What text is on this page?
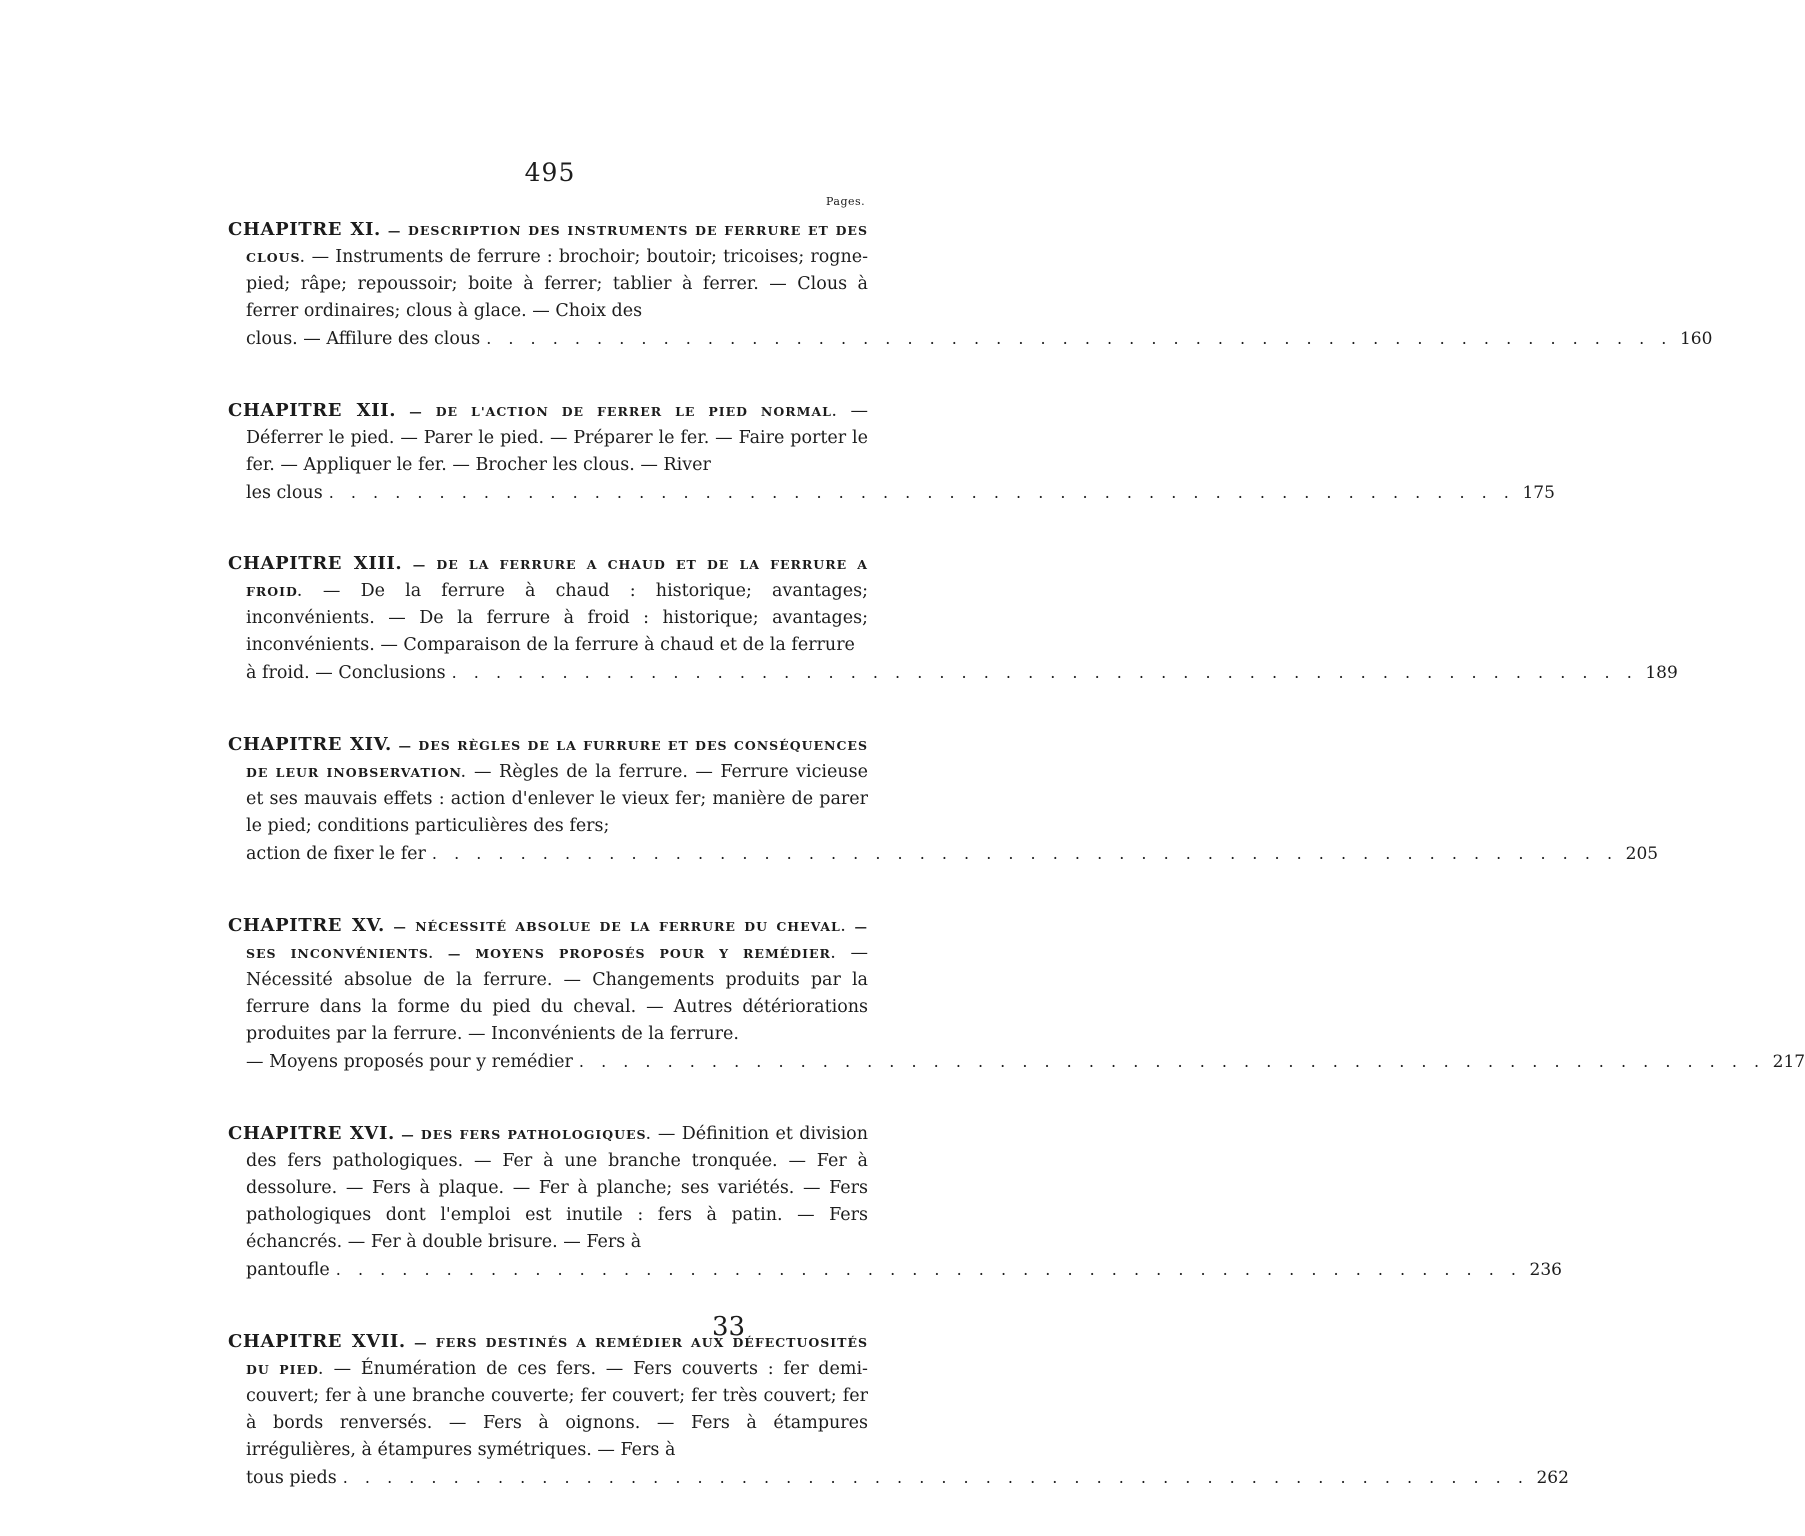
495
Pages.
CHAPITRE XI. — DESCRIPTION DES INSTRUMENTS DE FERRURE ET DES CLOUS. — Instruments de ferrure : brochoir; boutoir; tricoises; rogne-pied; râpe; repoussoir; boite à ferrer; tablier à ferrer. — Clous à ferrer ordinaires; clous à glace. — Choix des
clous. — Affilure des clous . . . . . . . . . . . . . . . . . . . . . . . . . . . . . . . . . . . . . . . . . . . . . . . . . . . . . . 160
CHAPITRE XII. — DE L'ACTION DE FERRER LE PIED NORMAL. — Déferrer le pied. — Parer le pied. — Préparer le fer. — Faire porter le fer. — Appliquer le fer. — Brocher les clous. — River
les clous . . . . . . . . . . . . . . . . . . . . . . . . . . . . . . . . . . . . . . . . . . . . . . . . . . . . . . 175
CHAPITRE XIII. — DE LA FERRURE A CHAUD ET DE LA FERRURE A FROID. — De la ferrure à chaud : historique; avantages; inconvénients. — De la ferrure à froid : historique; avantages; inconvénients. — Comparaison de la ferrure à chaud et de la ferrure
à froid. — Conclusions . . . . . . . . . . . . . . . . . . . . . . . . . . . . . . . . . . . . . . . . . . . . . . . . . . . . . . 189
CHAPITRE XIV. — DES RÈGLES DE LA FURRURE ET DES CONSÉQUENCES DE LEUR INOBSERVATION. — Règles de la ferrure. — Ferrure vicieuse et ses mauvais effets : action d'enlever le vieux fer; manière de parer le pied; conditions particulières des fers;
action de fixer le fer . . . . . . . . . . . . . . . . . . . . . . . . . . . . . . . . . . . . . . . . . . . . . . . . . . . . . . 205
CHAPITRE XV. — NÉCESSITÉ ABSOLUE DE LA FERRURE DU CHEVAL. — SES INCONVÉNIENTS. — MOYENS PROPOSÉS POUR Y REMÉDIER. — Nécessité absolue de la ferrure. — Changements produits par la ferrure dans la forme du pied du cheval. — Autres détériorations produites par la ferrure. — Inconvénients de la ferrure.
— Moyens proposés pour y remédier . . . . . . . . . . . . . . . . . . . . . . . . . . . . . . . . . . . . . . . . . . . . . . . . . . . . . . 217
CHAPITRE XVI. — DES FERS PATHOLOGIQUES. — Définition et division des fers pathologiques. — Fer à une branche tronquée. — Fer à dessolure. — Fers à plaque. — Fer à planche; ses variétés. — Fers pathologiques dont l'emploi est inutile : fers à patin. — Fers échancrés. — Fer à double brisure. — Fers à
pantoufle . . . . . . . . . . . . . . . . . . . . . . . . . . . . . . . . . . . . . . . . . . . . . . . . . . . . . . 236
CHAPITRE XVII. — FERS DESTINÉS A REMÉDIER AUX DÉFECTUOSITÉS DU PIED. — Énumération de ces fers. — Fers couverts : fer demi-couvert; fer à une branche couverte; fer couvert; fer très couvert; fer à bords renversés. — Fers à oignons. — Fers à étampures irrégulières, à étampures symétriques. — Fers à
tous pieds . . . . . . . . . . . . . . . . . . . . . . . . . . . . . . . . . . . . . . . . . . . . . . . . . . . . . . 262
33
